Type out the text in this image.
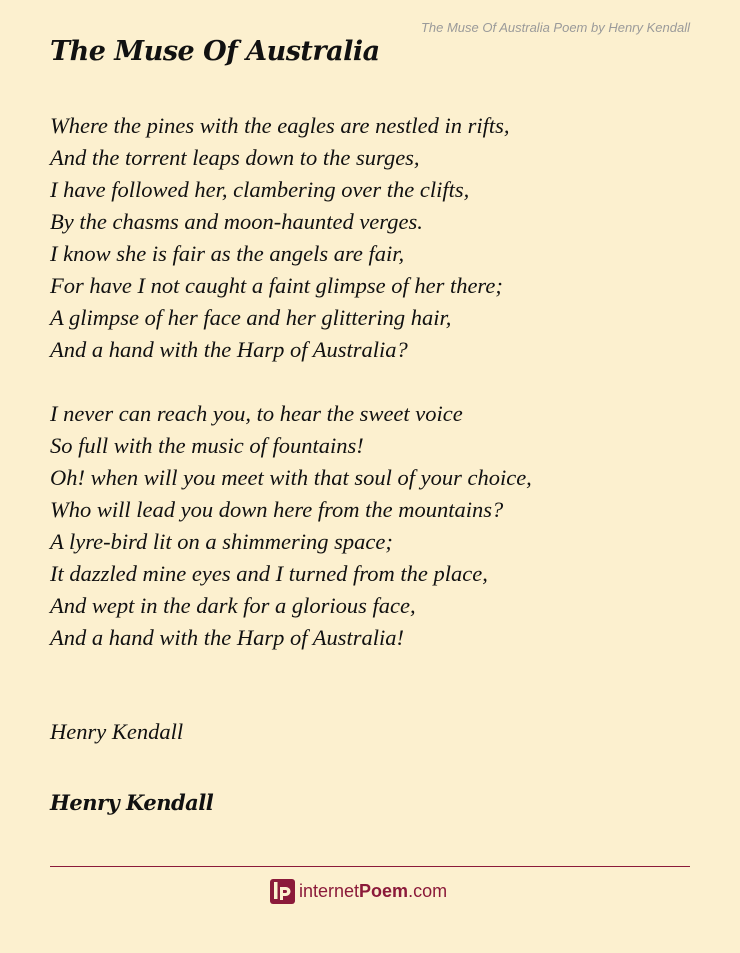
The Muse Of Australia Poem by Henry Kendall
The Muse Of Australia
Where the pines with the eagles are nestled in rifts,
And the torrent leaps down to the surges,
I have followed her, clambering over the clifts,
By the chasms and moon-haunted verges.
I know she is fair as the angels are fair,
For have I not caught a faint glimpse of her there;
A glimpse of her face and her glittering hair,
And a hand with the Harp of Australia?
I never can reach you, to hear the sweet voice
So full with the music of fountains!
Oh! when will you meet with that soul of your choice,
Who will lead you down here from the mountains?
A lyre-bird lit on a shimmering space;
It dazzled mine eyes and I turned from the place,
And wept in the dark for a glorious face,
And a hand with the Harp of Australia!
Henry Kendall
Henry Kendall
internet Poem .com
